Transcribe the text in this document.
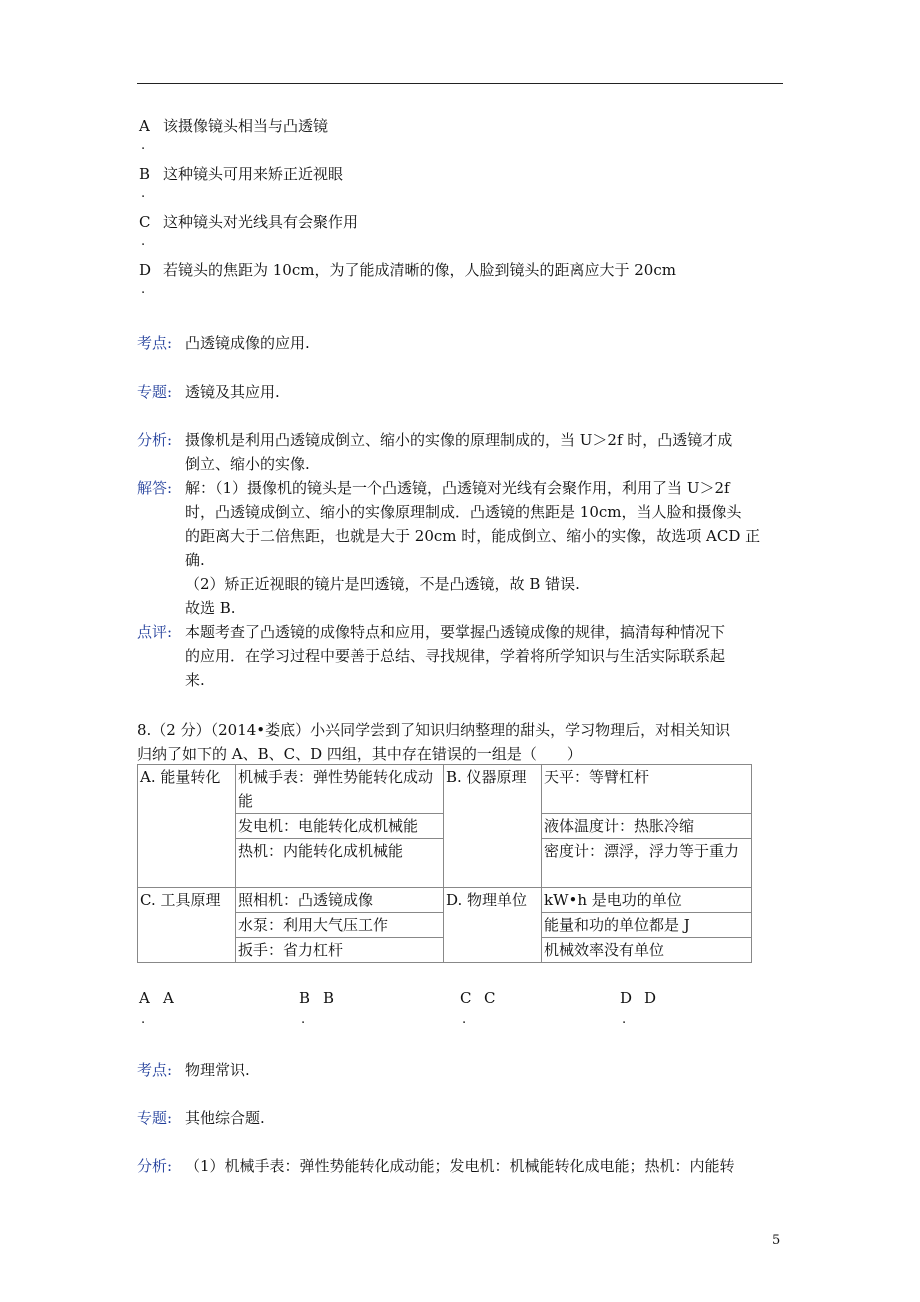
A 该摄像镜头相当与凸透镜
.
B 这种镜头可用来矫正近视眼
.
C 这种镜头对光线具有会聚作用
.
D 若镜头的焦距为 10cm，为了能成清晰的像，人脸到镜头的距离应大于 20cm
.
考点: 凸透镜成像的应用.
专题: 透镜及其应用.
分析: 摄像机是利用凸透镜成倒立、缩小的实像的原理制成的，当 U＞2f 时，凸透镜才成
倒立、缩小的实像.
解答: 解：（1）摄像机的镜头是一个凸透镜，凸透镜对光线有会聚作用，利用了当 U＞2f
时，凸透镜成倒立、缩小的实像原理制成．凸透镜的焦距是 10cm，当人脸和摄像头
的距离大于二倍焦距，也就是大于 20cm 时，能成倒立、缩小的实像，故选项 ACD 正
确.
（2）矫正近视眼的镜片是凹透镜，不是凸透镜，故 B 错误.
故选 B.
点评: 本题考查了凸透镜的成像特点和应用，要掌握凸透镜成像的规律，搞清每种情况下
的应用．在学习过程中要善于总结、寻找规律，学着将所学知识与生活实际联系起
来.
8.（2 分）（2014•娄底）小兴同学尝到了知识归纳整理的甜头，学习物理后，对相关知识
归纳了如下的 A、B、C、D 四组，其中存在错误的一组是（　　）
A. 能量转化	机械手表：弹性势能转化成动能	B. 仪器原理	天平：等臂杠杆
	发电机：电能转化成机械能		液体温度计：热胀冷缩
	热机：内能转化成机械能		密度计：漂浮，浮力等于重力
C. 工具原理	照相机：凸透镜成像	D. 物理单位	kW•h 是电功的单位
	水泵：利用大气压工作		能量和功的单位都是 J
	扳手：省力杠杆		机械效率没有单位
A A
.
B B
.
C C
.
D D
.
考点: 物理常识.
专题: 其他综合题.
分析: （1）机械手表：弹性势能转化成动能；发电机：机械能转化成电能；热机：内能转
5
